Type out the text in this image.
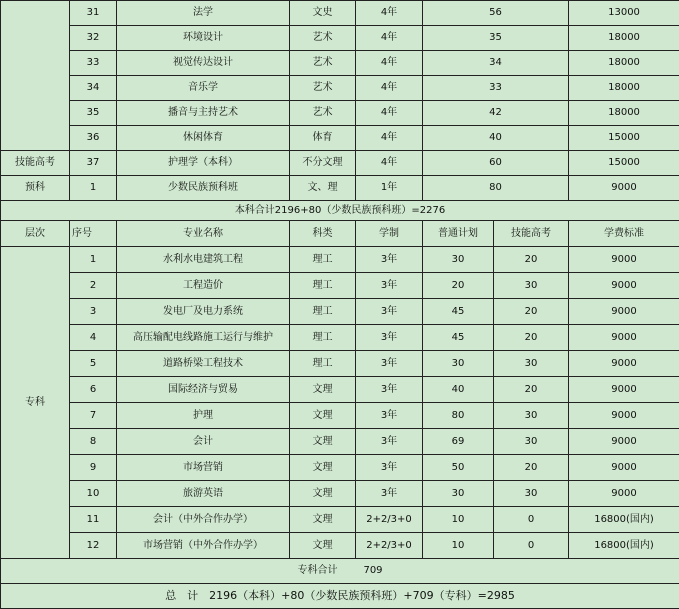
	31	法学	文史	4年	56		13000
	32	环境设计	艺术	4年	35		18000
	33	视觉传达设计	艺术	4年	34		18000
	34	音乐学	艺术	4年	33		18000
	35	播音与主持艺术	艺术	4年	42		18000
	36	休闲体育	体育	4年	40		15000
技能高考	37	护理学（本科）	不分文理	4年	60		15000
预科	1	少数民族预科班	文、理	1年	80		9000
本科合计2196+80（少数民族预科班）=2276							
层次	序号	专业名称	科类	学制	普通计划	技能高考	学费标准
专科	1	水利水电建筑工程	理工	3年	30	20	9000
	2	工程造价	理工	3年	20	30	9000
	3	发电厂及电力系统	理工	3年	45	20	9000
	4	高压输配电线路施工运行与维护	理工	3年	45	20	9000
	5	道路桥梁工程技术	理工	3年	30	30	9000
	6	国际经济与贸易	文理	3年	40	20	9000
	7	护理	文理	3年	80	30	9000
	8	会计	文理	3年	69	30	9000
	9	市场营销	文理	3年	50	20	9000
	10	旅游英语	文理	3年	30	30	9000
	11	会计（中外合作办学）	文理	2+2/3+0	10	0	16800(国内)
	12	市场营销（中外合作办学）	文理	2+2/3+0	10	0	16800(国内)
专科合计 709							
总　计　2196（本科）+80（少数民族预科班）+709（专科）=2985							
